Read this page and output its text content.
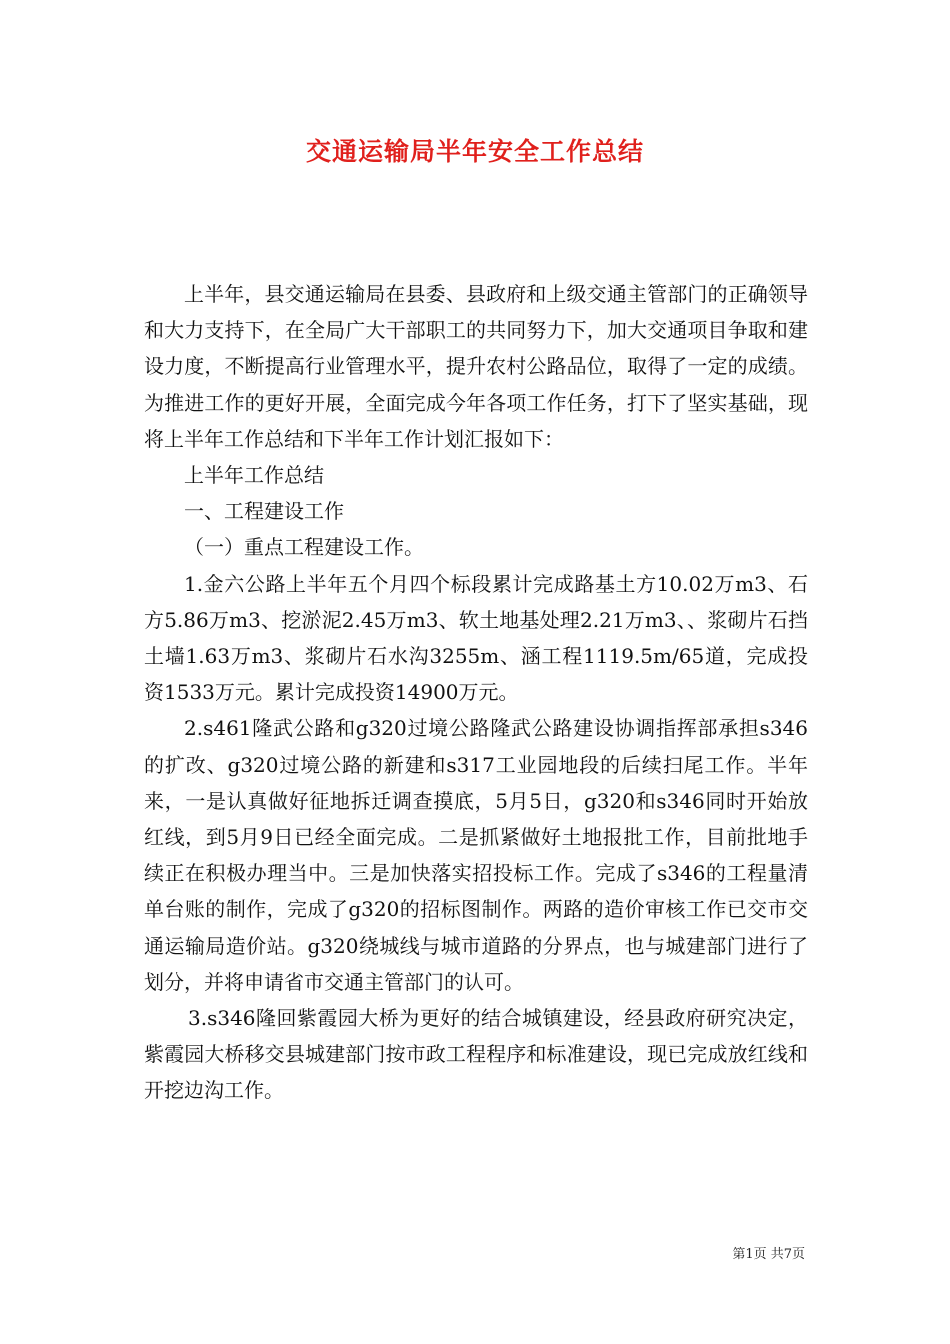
交通运输局半年安全工作总结

上半年，县交通运输局在县委、县政府和上级交通主管部门的正确领导和大力支持下，在全局广大干部职工的共同努力下，加大交通项目争取和建设力度，不断提高行业管理水平，提升农村公路品位，取得了一定的成绩。为推进工作的更好开展，全面完成今年各项工作任务，打下了坚实基础，现将上半年工作总结和下半年工作计划汇报如下：

上半年工作总结

一、工程建设工作

（一）重点工程建设工作。

1.金六公路上半年五个月四个标段累计完成路基土方10.02万m3、石方5.86万m3、挖淤泥2.45万m3、软土地基处理2.21万m3、、浆砌片石挡土墙1.63万m3、浆砌片石水沟3255m、涵工程1119.5m/65道，完成投资1533万元。累计完成投资14900万元。

2.s461隆武公路和g320过境公路隆武公路建设协调指挥部承担s346的扩改、g320过境公路的新建和s317工业园地段的后续扫尾工作。半年来，一是认真做好征地拆迁调查摸底，5月5日，g320和s346同时开始放红线，到5月9日已经全面完成。二是抓紧做好土地报批工作，目前批地手续正在积极办理当中。三是加快落实招投标工作。完成了s346的工程量清单台账的制作，完成了g320的招标图制作。两路的造价审核工作已交市交通运输局造价站。g320绕城线与城市道路的分界点，也与城建部门进行了划分，并将申请省市交通主管部门的认可。

3.s346隆回紫霞园大桥为更好的结合城镇建设，经县政府研究决定，紫霞园大桥移交县城建部门按市政工程程序和标准建设，现已完成放红线和开挖边沟工作。

第1页 共7页
